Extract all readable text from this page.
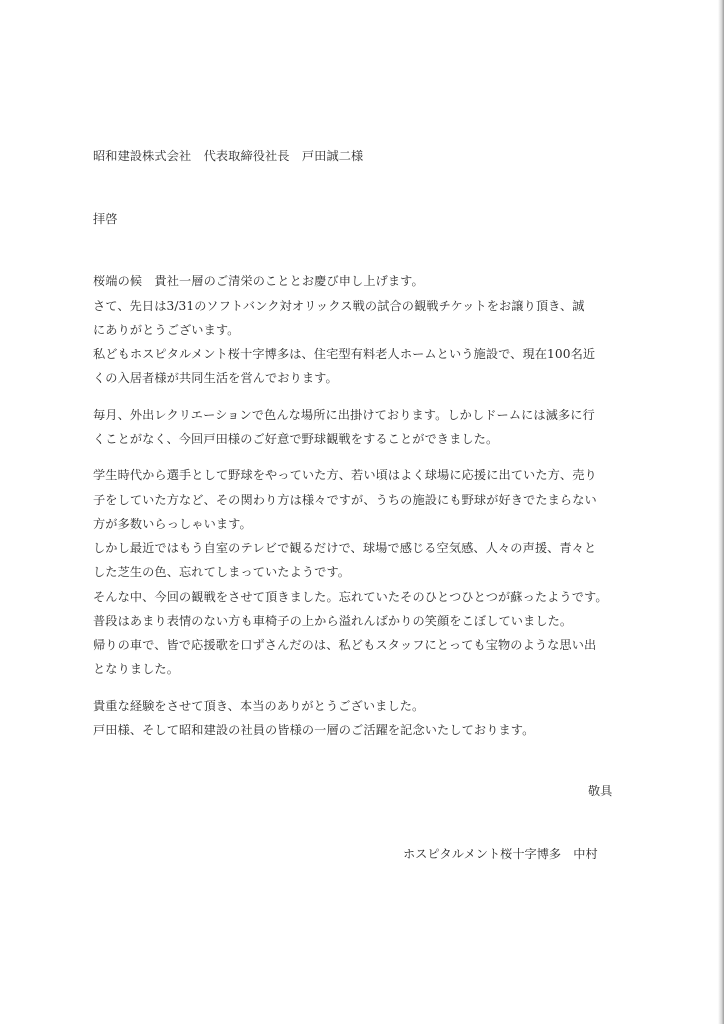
昭和建設株式会社　代表取締役社長　戸田誠二様
拝啓
桜端の候　貴社一層のご清栄のこととお慶び申し上げます。
さて、先日は3/31のソフトバンク対オリックス戦の試合の観戦チケットをお譲り頂き、誠
にありがとうございます。
私どもホスピタルメント桜十字博多は、住宅型有料老人ホームという施設で、現在100名近
くの入居者様が共同生活を営んでおります。
毎月、外出レクリエーションで色んな場所に出掛けております。しかしドームには滅多に行
くことがなく、今回戸田様のご好意で野球観戦をすることができました。
学生時代から選手として野球をやっていた方、若い頃はよく球場に応援に出ていた方、売り
子をしていた方など、その関わり方は様々ですが、うちの施設にも野球が好きでたまらない
方が多数いらっしゃいます。
しかし最近ではもう自室のテレビで観るだけで、球場で感じる空気感、人々の声援、青々と
した芝生の色、忘れてしまっていたようです。
そんな中、今回の観戦をさせて頂きました。忘れていたそのひとつひとつが蘇ったようです。
普段はあまり表情のない方も車椅子の上から溢れんばかりの笑顔をこぼしていました。
帰りの車で、皆で応援歌を口ずさんだのは、私どもスタッフにとっても宝物のような思い出
となりました。
貴重な経験をさせて頂き、本当のありがとうございました。
戸田様、そして昭和建設の社員の皆様の一層のご活躍を記念いたしております。
敬具
ホスピタルメント桜十字博多　中村
